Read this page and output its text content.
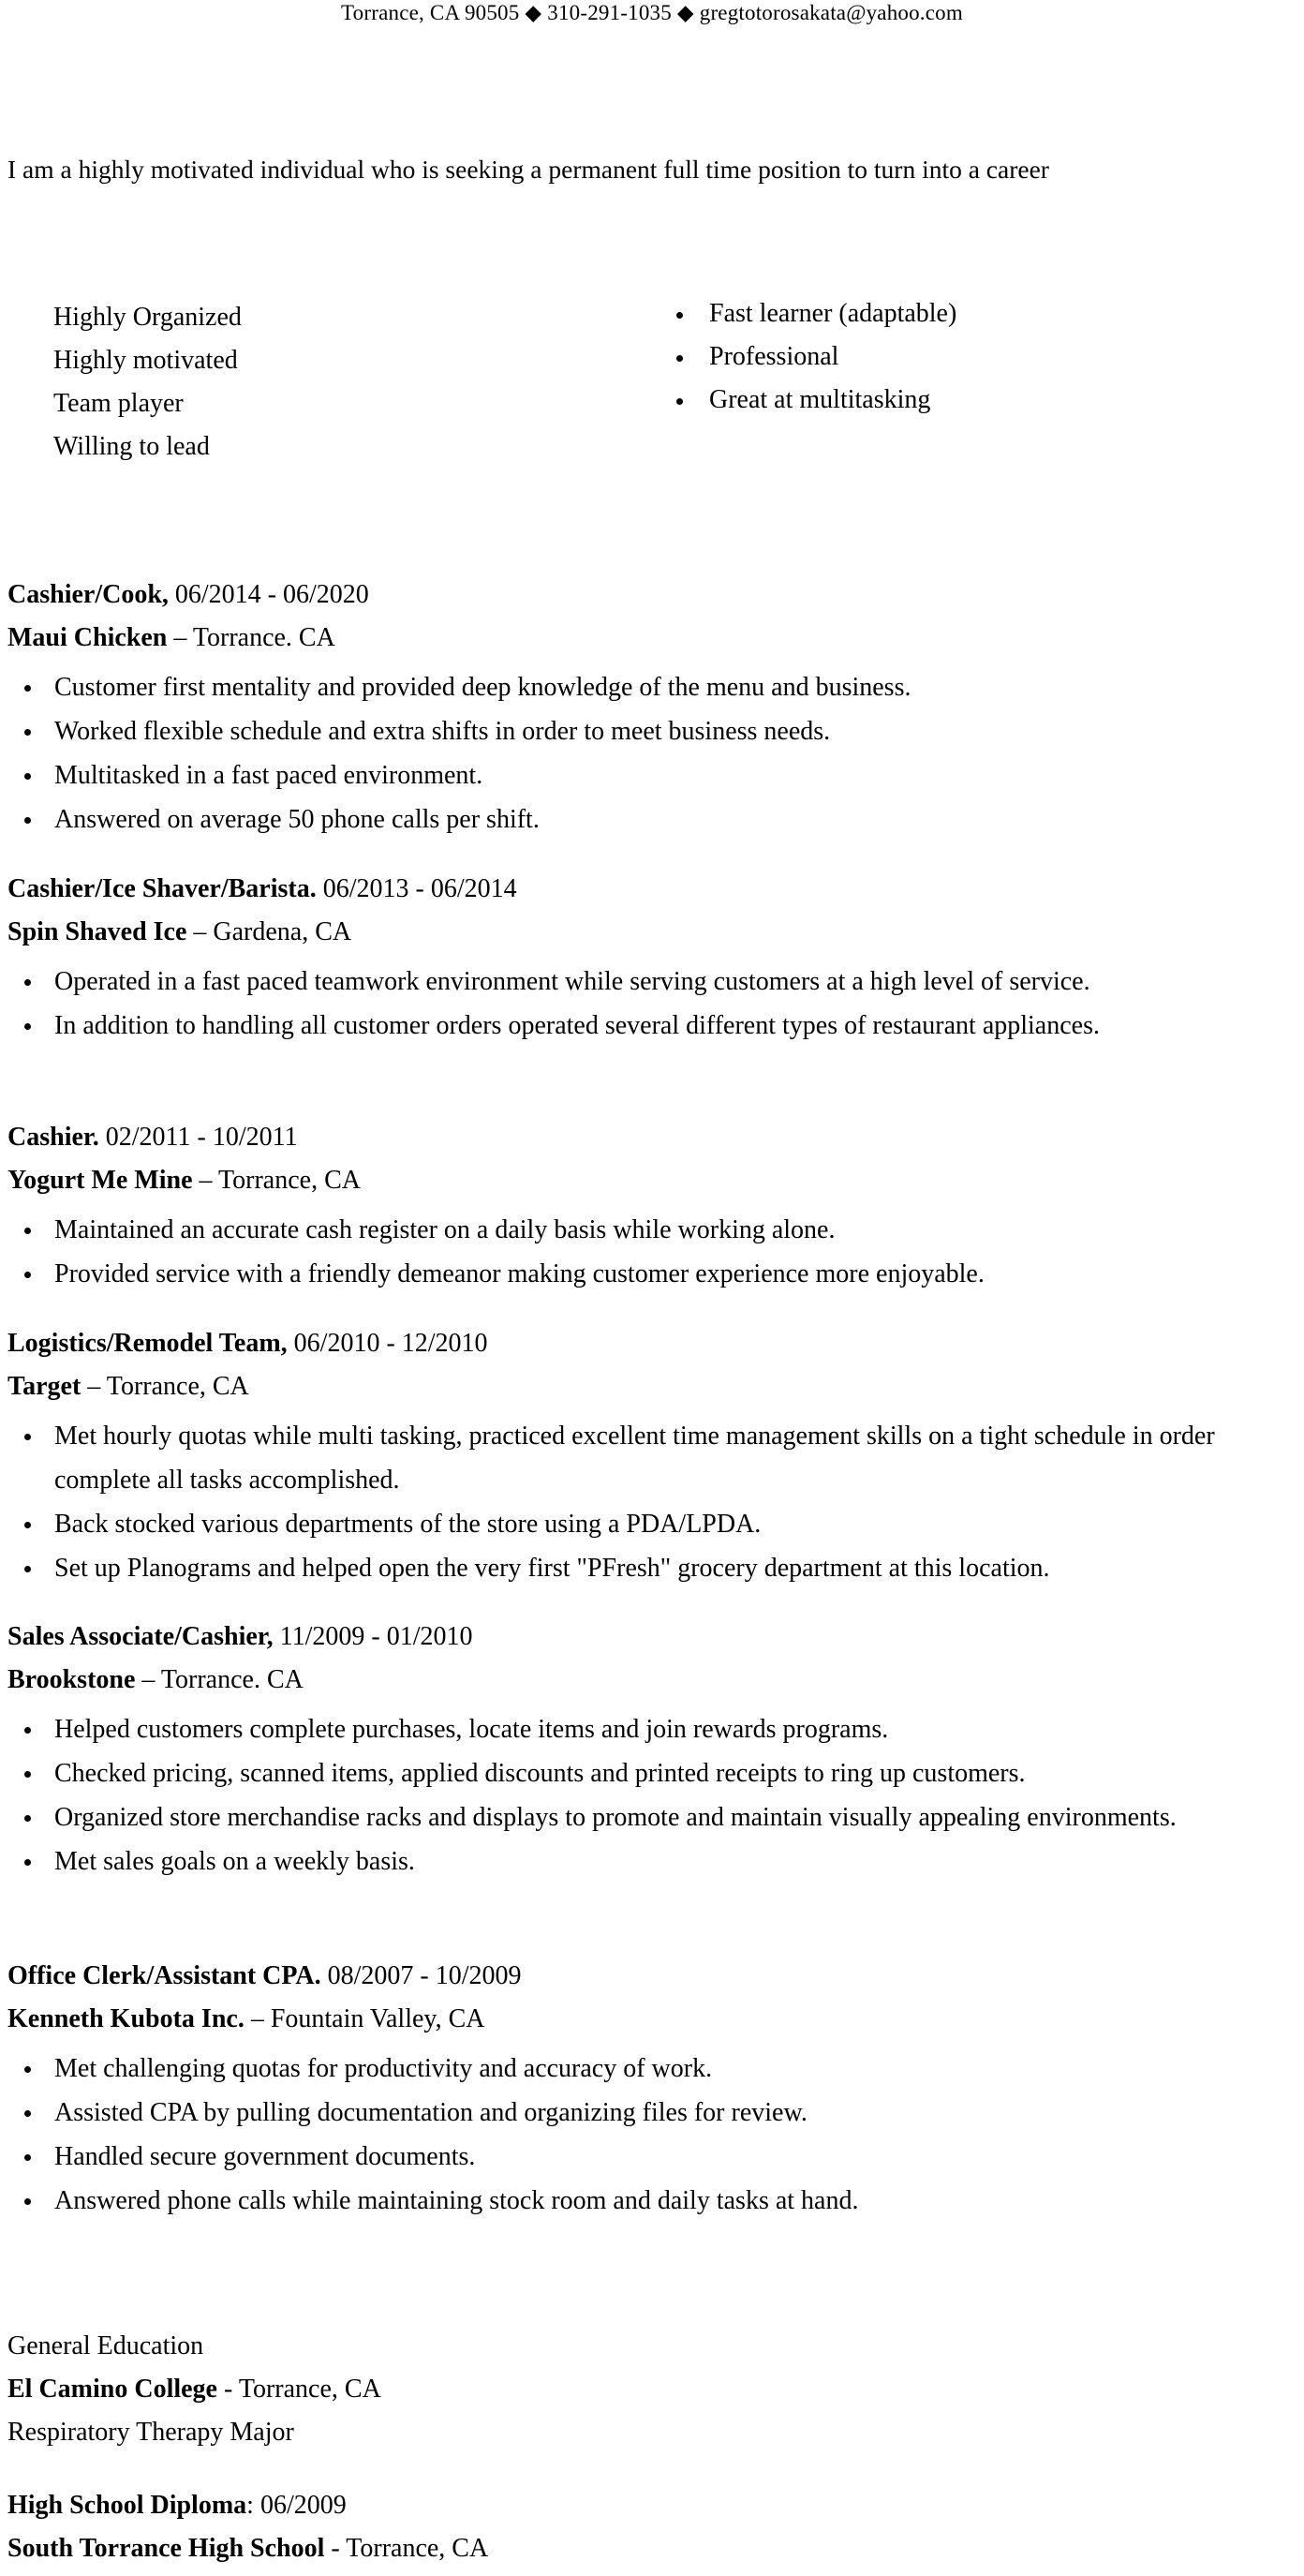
Torrance, CA 90505 ◆ 310-291-1035 ◆ gregtotorosakata@yahoo.com
I am a highly motivated individual who is seeking a permanent full time position to turn into a career
Highly Organized
Highly motivated
Team player
Willing to lead
Fast learner (adaptable)
Professional
Great at multitasking
Cashier/Cook, 06/2014 - 06/2020
Maui Chicken – Torrance. CA
Customer first mentality and provided deep knowledge of the menu and business.
Worked flexible schedule and extra shifts in order to meet business needs.
Multitasked in a fast paced environment.
Answered on average 50 phone calls per shift.
Cashier/Ice Shaver/Barista. 06/2013 - 06/2014
Spin Shaved Ice – Gardena, CA
Operated in a fast paced teamwork environment while serving customers at a high level of service.
In addition to handling all customer orders operated several different types of restaurant appliances.
Cashier. 02/2011 - 10/2011
Yogurt Me Mine – Torrance, CA
Maintained an accurate cash register on a daily basis while working alone.
Provided service with a friendly demeanor making customer experience more enjoyable.
Logistics/Remodel Team, 06/2010 - 12/2010
Target – Torrance, CA
Met hourly quotas while multi tasking, practiced excellent time management skills on a tight schedule in order complete all tasks accomplished.
Back stocked various departments of the store using a PDA/LPDA.
Set up Planograms and helped open the very first "PFresh" grocery department at this location.
Sales Associate/Cashier, 11/2009 - 01/2010
Brookstone – Torrance. CA
Helped customers complete purchases, locate items and join rewards programs.
Checked pricing, scanned items, applied discounts and printed receipts to ring up customers.
Organized store merchandise racks and displays to promote and maintain visually appealing environments.
Met sales goals on a weekly basis.
Office Clerk/Assistant CPA. 08/2007 - 10/2009
Kenneth Kubota Inc. – Fountain Valley, CA
Met challenging quotas for productivity and accuracy of work.
Assisted CPA by pulling documentation and organizing files for review.
Handled secure government documents.
Answered phone calls while maintaining stock room and daily tasks at hand.
General Education
El Camino College - Torrance, CA
Respiratory Therapy Major
High School Diploma: 06/2009
South Torrance High School - Torrance, CA
